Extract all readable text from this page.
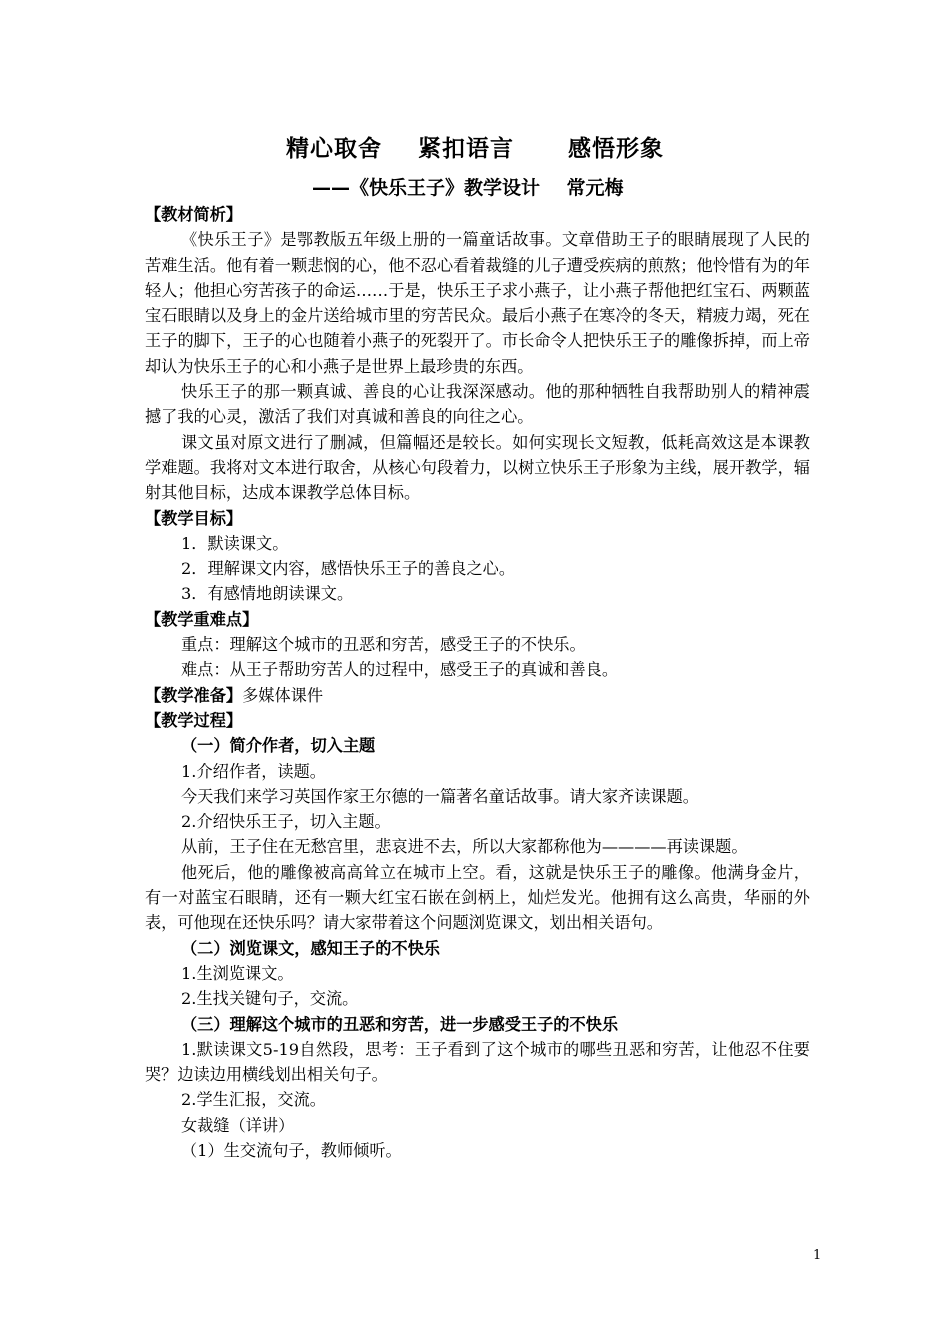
精心取舍    紧扣语言      感悟形象
——《快乐王子》教学设计    常元梅

【教材简析】

《快乐王子》是鄂教版五年级上册的一篇童话故事。文章借助王子的眼睛展现了人民的苦难生活。他有着一颗悲悯的心，他不忍心看着裁缝的儿子遭受疾病的煎熬；他怜惜有为的年轻人；他担心穷苦孩子的命运……于是，快乐王子求小燕子，让小燕子帮他把红宝石、两颗蓝宝石眼睛以及身上的金片送给城市里的穷苦民众。最后小燕子在寒冷的冬天，精疲力竭，死在王子的脚下，王子的心也随着小燕子的死裂开了。市长命令人把快乐王子的雕像拆掉，而上帝却认为快乐王子的心和小燕子是世界上最珍贵的东西。

快乐王子的那一颗真诚、善良的心让我深深感动。他的那种牺牲自我帮助别人的精神震撼了我的心灵，激活了我们对真诚和善良的向往之心。

课文虽对原文进行了删减，但篇幅还是较长。如何实现长文短教，低耗高效这是本课教学难题。我将对文本进行取舍，从核心句段着力，以树立快乐王子形象为主线，展开教学，辐射其他目标，达成本课教学总体目标。

【教学目标】

1．默读课文。

2．理解课文内容，感悟快乐王子的善良之心。

3．有感情地朗读课文。

【教学重难点】

重点：理解这个城市的丑恶和穷苦，感受王子的不快乐。

难点：从王子帮助穷苦人的过程中，感受王子的真诚和善良。

【教学准备】多媒体课件

【教学过程】

（一）简介作者，切入主题

1.介绍作者，读题。

今天我们来学习英国作家王尔德的一篇著名童话故事。请大家齐读课题。

2.介绍快乐王子，切入主题。

从前，王子住在无愁宫里，悲哀进不去，所以大家都称他为————再读课题。

他死后，他的雕像被高高耸立在城市上空。看，这就是快乐王子的雕像。他满身金片，有一对蓝宝石眼睛，还有一颗大红宝石嵌在剑柄上，灿烂发光。他拥有这么高贵，华丽的外表，可他现在还快乐吗？请大家带着这个问题浏览课文，划出相关语句。

（二）浏览课文，感知王子的不快乐

1.生浏览课文。

2.生找关键句子，交流。

（三）理解这个城市的丑恶和穷苦，进一步感受王子的不快乐

1.默读课文5-19自然段，思考：王子看到了这个城市的哪些丑恶和穷苦，让他忍不住要哭？边读边用横线划出相关句子。

2.学生汇报，交流。

女裁缝（详讲）

（1）生交流句子，教师倾听。

1
